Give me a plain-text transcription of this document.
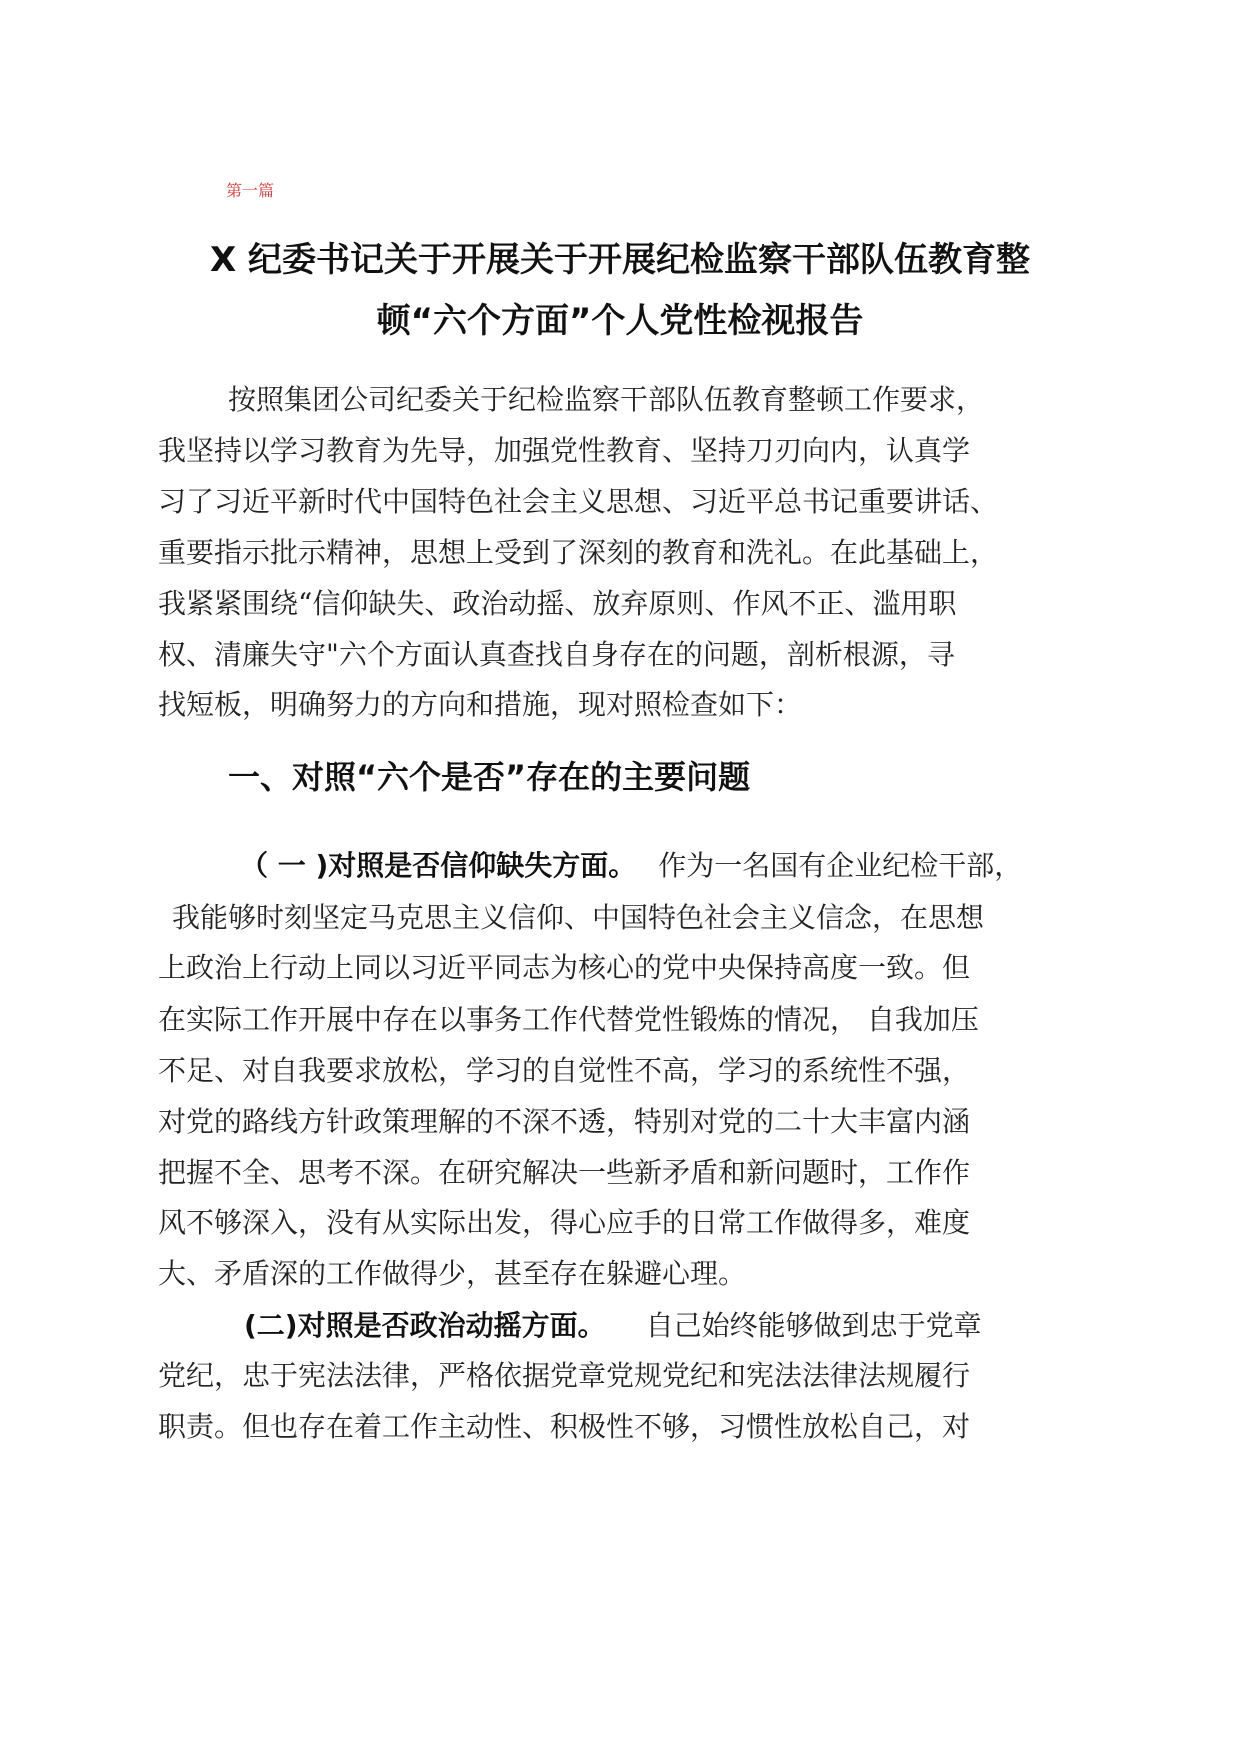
第一篇
X 纪委书记关于开展关于开展纪检监察干部队伍教育整
顿“六个方面”个人党性检视报告
按照集团公司纪委关于纪检监察干部队伍教育整顿工作要求，
我坚持以学习教育为先导，加强党性教育、坚持刀刃向内，认真学
习了习近平新时代中国特色社会主义思想、习近平总书记重要讲话、
重要指示批示精神，思想上受到了深刻的教育和洗礼。在此基础上，
我紧紧围绕“信仰缺失、政治动摇、放弃原则、作风不正、滥用职
权、清廉失守"六个方面认真查找自身存在的问题，剖析根源，寻
找短板，明确努力的方向和措施，现对照检查如下：
一、对照“六个是否”存在的主要问题
（ 一 )对照是否信仰缺失方面。 作为一名国有企业纪检干部，
我能够时刻坚定马克思主义信仰、中国特色社会主义信念，在思想
上政治上行动上同以习近平同志为核心的党中央保持高度一致。但
在实际工作开展中存在以事务工作代替党性锻炼的情况， 自我加压
不足、对自我要求放松，学习的自觉性不高，学习的系统性不强，
对党的路线方针政策理解的不深不透，特别对党的二十大丰富内涵
把握不全、思考不深。在研究解决一些新矛盾和新问题时，工作作
风不够深入，没有从实际出发，得心应手的日常工作做得多，难度
大、矛盾深的工作做得少，甚至存在躲避心理。
(二)对照是否政治动摇方面。 自己始终能够做到忠于党章
党纪，忠于宪法法律，严格依据党章党规党纪和宪法法律法规履行
职责。但也存在着工作主动性、积极性不够，习惯性放松自己，对
